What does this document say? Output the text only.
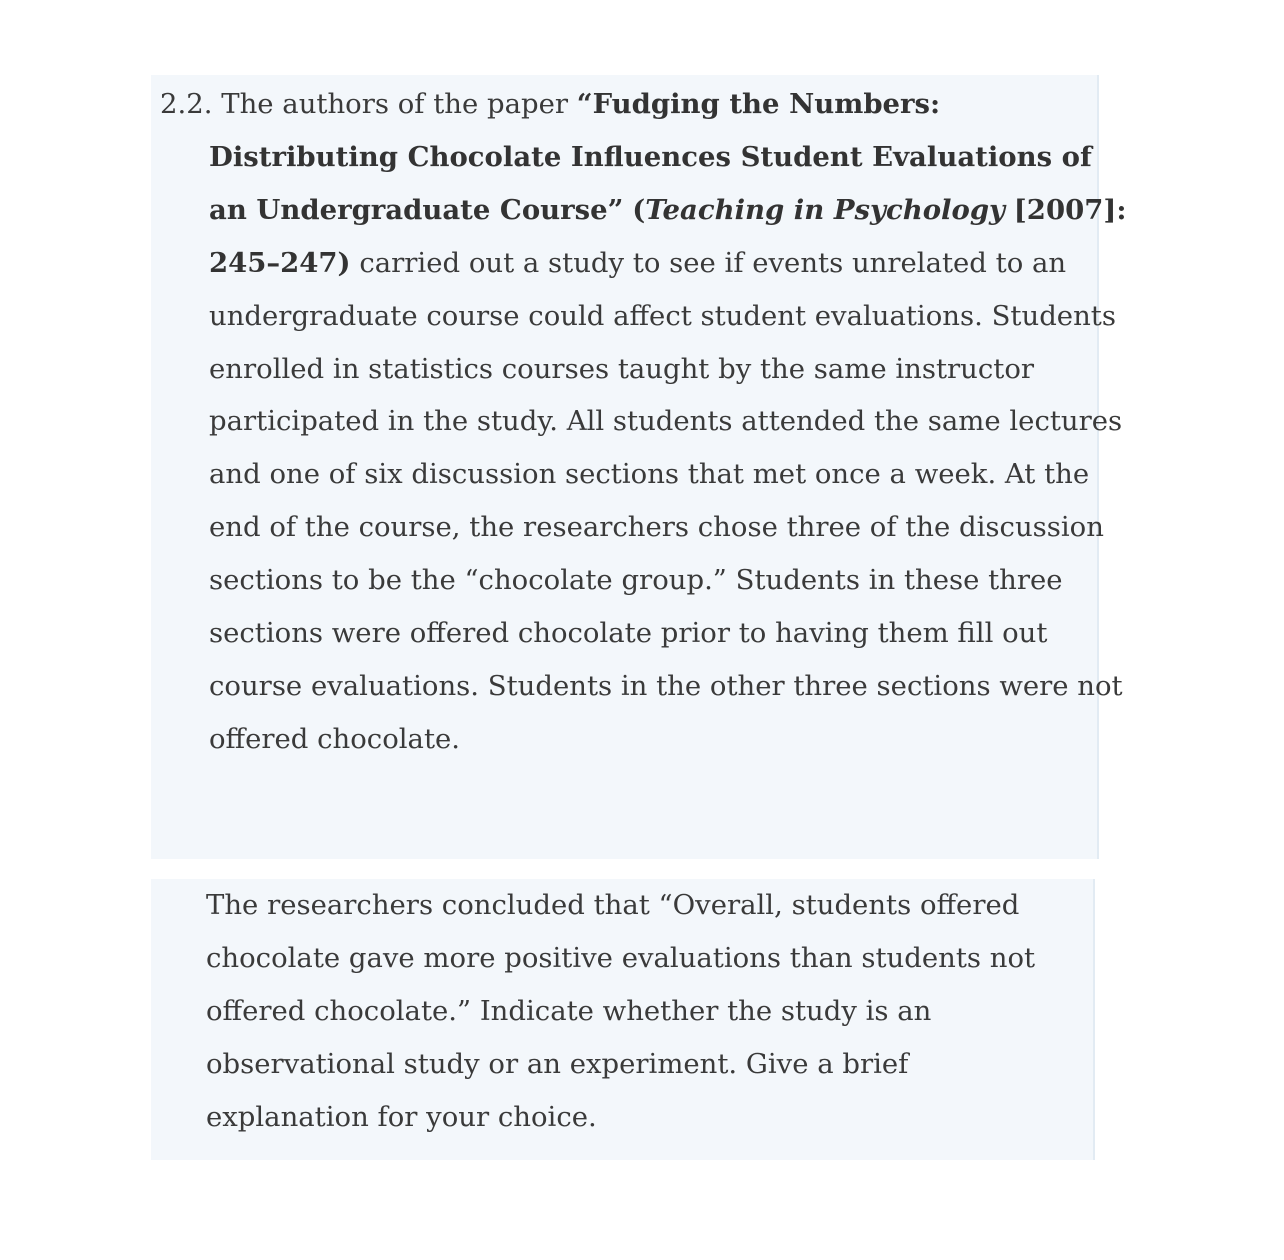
2.2. The authors of the paper “Fudging the Numbers: Distributing Chocolate Influences Student Evaluations of an Undergraduate Course” (Teaching in Psychology [2007]: 245–247) carried out a study to see if events unrelated to an undergraduate course could affect student evaluations. Students enrolled in statistics courses taught by the same instructor participated in the study. All students attended the same lectures and one of six discussion sections that met once a week. At the end of the course, the researchers chose three of the discussion sections to be the “chocolate group.” Students in these three sections were offered chocolate prior to having them fill out course evaluations. Students in the other three sections were not offered chocolate.

The researchers concluded that “Overall, students offered chocolate gave more positive evaluations than students not offered chocolate.” Indicate whether the study is an observational study or an experiment. Give a brief explanation for your choice.
